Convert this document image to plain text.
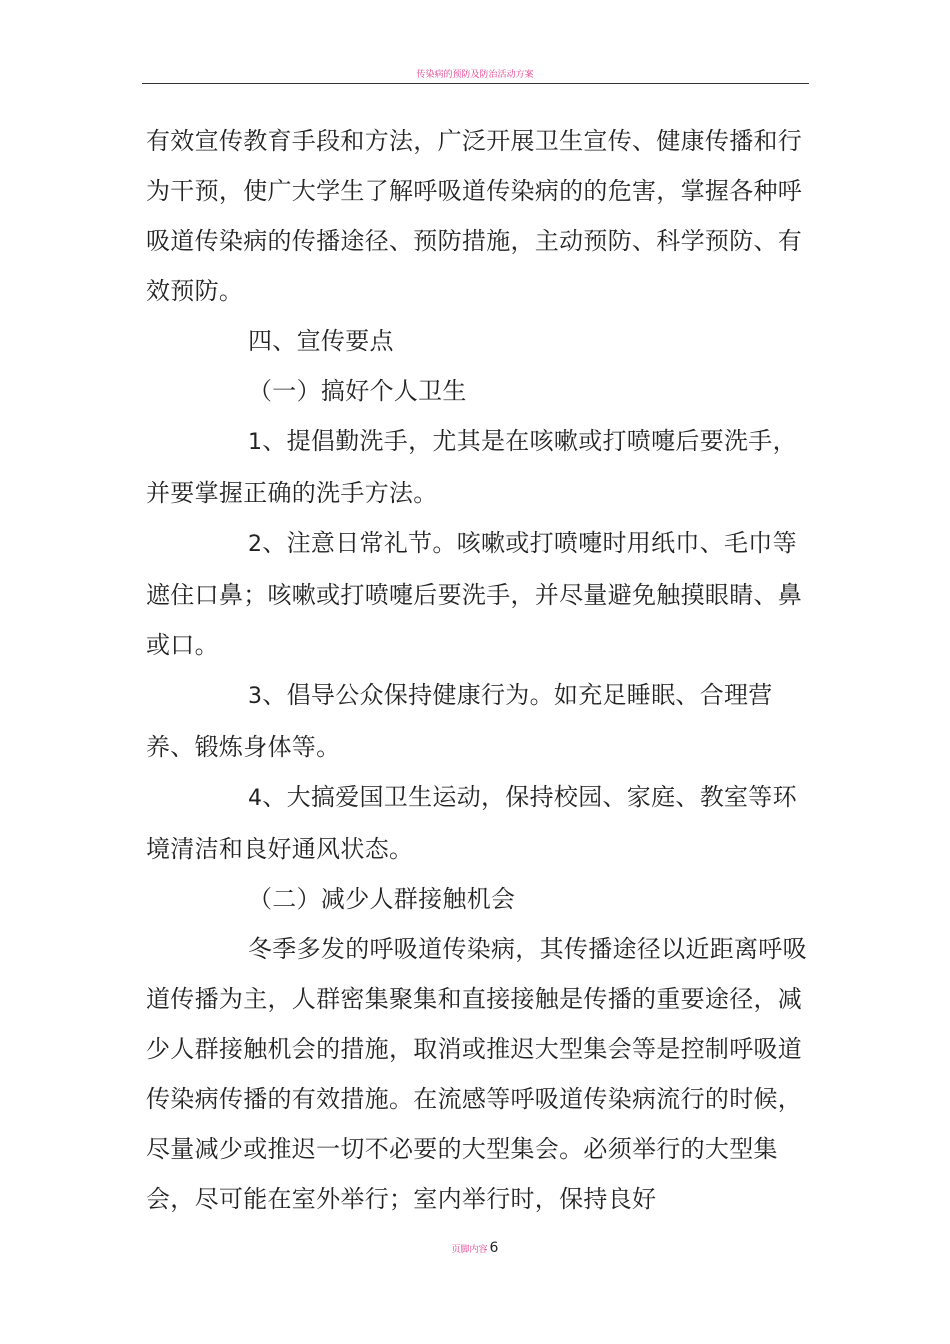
传染病的预防及防治活动方案

有效宣传教育手段和方法，广泛开展卫生宣传、健康传播和行为干预，使广大学生了解呼吸道传染病的的危害，掌握各种呼吸道传染病的传播途径、预防措施，主动预防、科学预防、有效预防。

四、宣传要点

（一）搞好个人卫生

1、提倡勤洗手，尤其是在咳嗽或打喷嚏后要洗手，并要掌握正确的洗手方法。

2、注意日常礼节。咳嗽或打喷嚏时用纸巾、毛巾等遮住口鼻；咳嗽或打喷嚏后要洗手，并尽量避免触摸眼睛、鼻或口。

3、倡导公众保持健康行为。如充足睡眠、合理营养、锻炼身体等。

4、大搞爱国卫生运动，保持校园、家庭、教室等环境清洁和良好通风状态。

（二）减少人群接触机会

冬季多发的呼吸道传染病，其传播途径以近距离呼吸道传播为主，人群密集聚集和直接接触是传播的重要途径，减少人群接触机会的措施，取消或推迟大型集会等是控制呼吸道传染病传播的有效措施。在流感等呼吸道传染病流行的时候，尽量减少或推迟一切不必要的大型集会。必须举行的大型集会，尽可能在室外举行；室内举行时，保持良好

页脚内容 6
